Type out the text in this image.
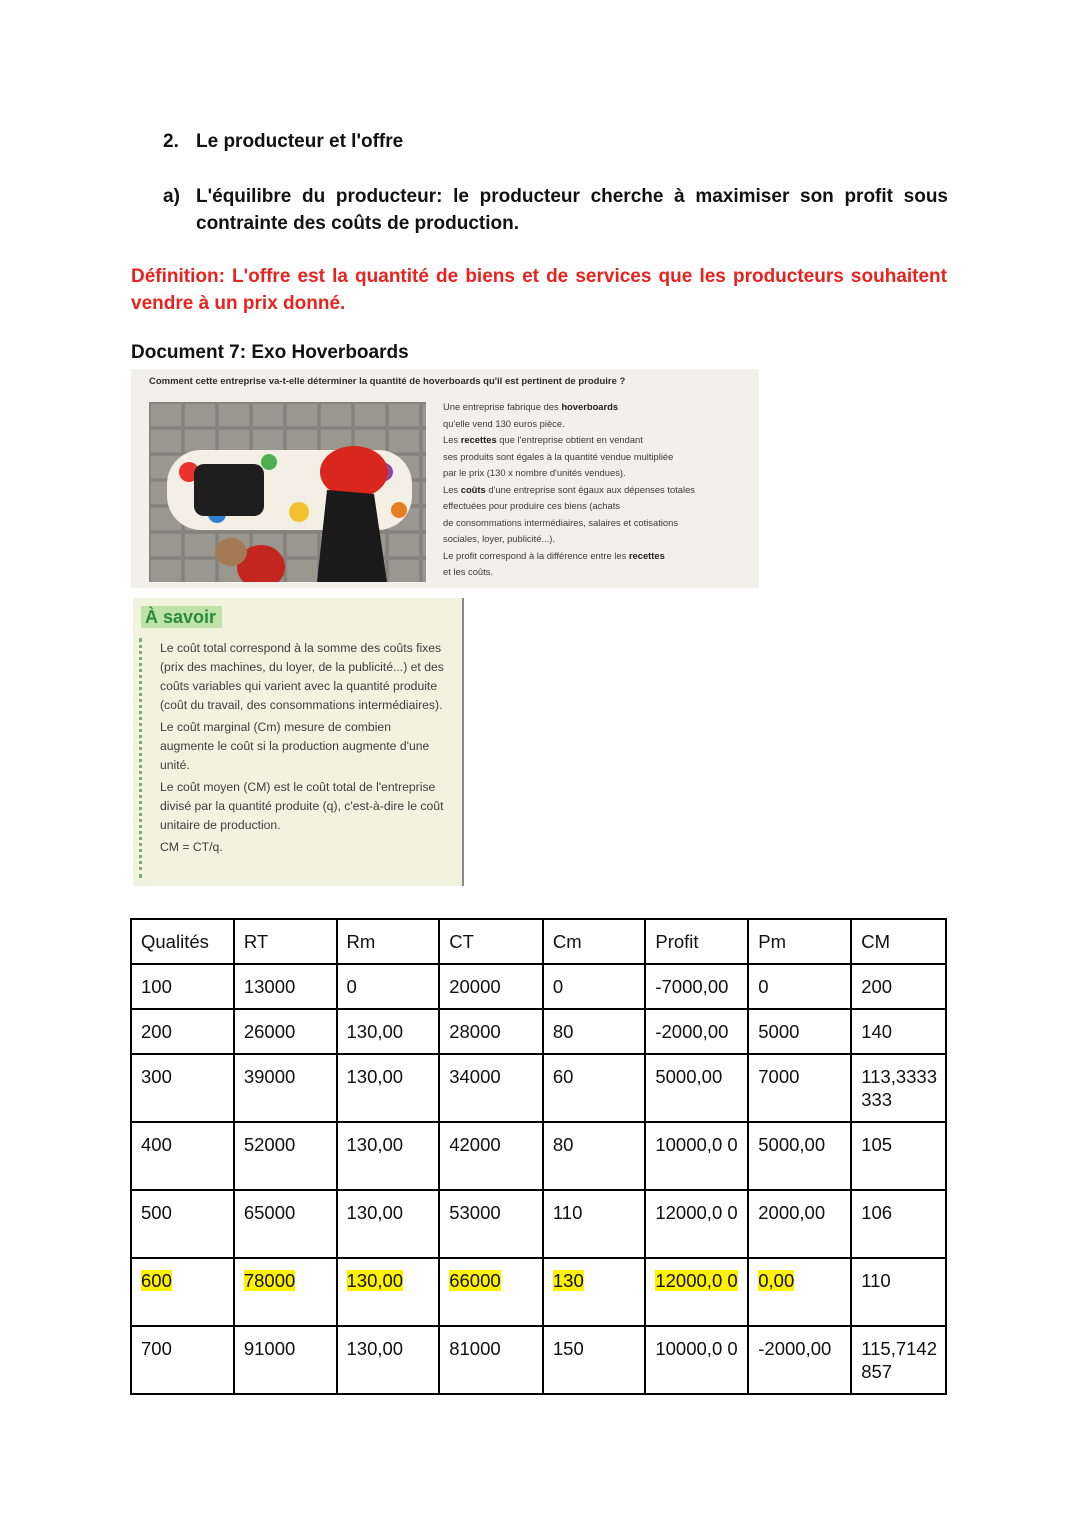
2. Le producteur et l'offre
a) L'équilibre du producteur: le producteur cherche à maximiser son profit sous contrainte des coûts de production.
Définition: L'offre est la quantité de biens et de services que les producteurs souhaitent vendre à un prix donné.
Document 7: Exo Hoverboards
Comment cette entreprise va-t-elle déterminer la quantité de hoverboards qu'il est pertinent de produire ?
Une entreprise fabrique des hoverboards
qu'elle vend 130 euros pièce.
Les recettes que l'entreprise obtient en vendant
ses produits sont égales à la quantité vendue multipliée
par le prix (130 x nombre d'unités vendues).
Les coûts d'une entreprise sont égaux aux dépenses totales
effectuées pour produire ces biens (achats
de consommations intermédiaires, salaires et cotisations
sociales, loyer, publicité...).
Le profit correspond à la différence entre les recettes
et les coûts.
À savoir

Le coût total correspond à la somme des coûts fixes (prix des machines, du loyer, de la publicité...) et des coûts variables qui varient avec la quantité produite (coût du travail, des consommations intermédiaires).

Le coût marginal (Cm) mesure de combien augmente le coût si la production augmente d'une unité.

Le coût moyen (CM) est le coût total de l'entreprise divisé par la quantité produite (q), c'est-à-dire le coût unitaire de production.

CM = CT/q.

Qualités	RT	Rm	CT	Cm	Profit	Pm	CM
100	13000	0	20000	0	-7000,00	0	200
200	26000	130,00	28000	80	-2000,00	5000	140
300	39000	130,00	34000	60	5000,00	7000	113,3333 333
400	52000	130,00	42000	80	10000,0 0	5000,00	105
500	65000	130,00	53000	110	12000,0 0	2000,00	106
600	78000	130,00	66000	130	12000,0 0	0,00	110
700	91000	130,00	81000	150	10000,0 0	-2000,00	115,7142 857
